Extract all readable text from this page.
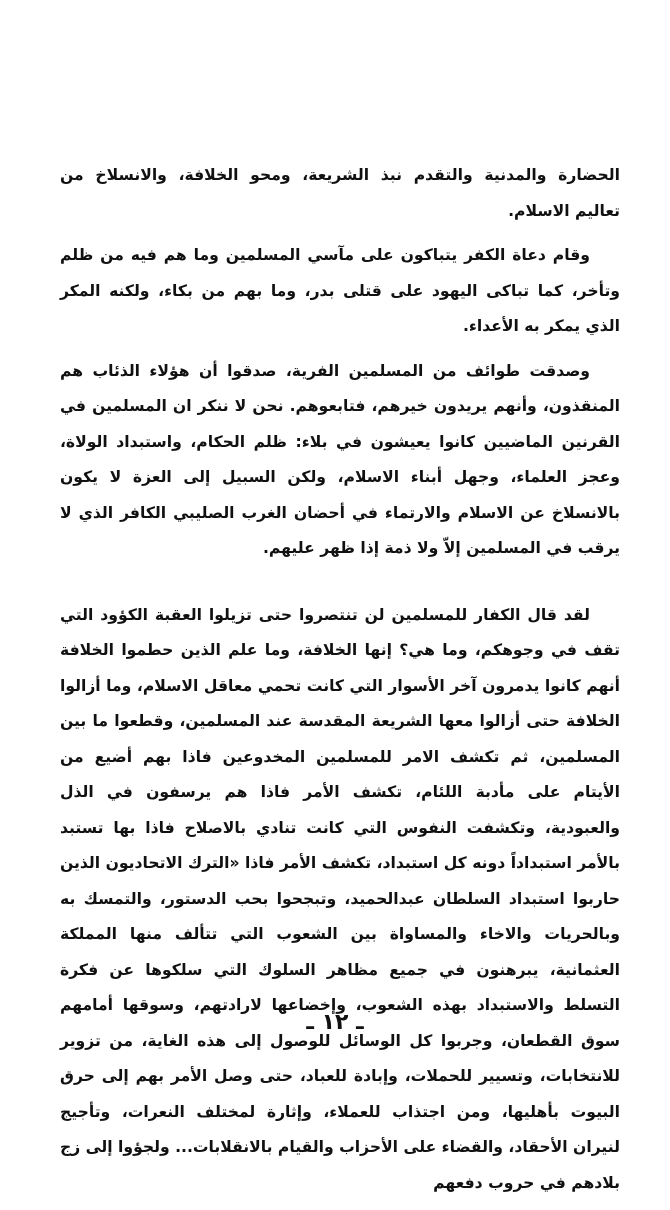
الحضارة والمدنية والتقدم نبذ الشريعة، ومحو الخلافة، والانسلاخ من تعاليم الاسلام.

وقام دعاة الكفر يتباكون على مآسي المسلمين وما هم فيه من ظلم وتأخر، كما تباكى اليهود على قتلى بدر، وما بهم من بكاء، ولكنه المكر الذي يمكر به الأعداء.

وصدقت طوائف من المسلمين الفرية، صدقوا أن هؤلاء الذئاب هم المنقذون، وأنهم يريدون خيرهم، فتابعوهم. نحن لا ننكر ان المسلمين في القرنين الماضيين كانوا يعيشون في بلاء: ظلم الحكام، واستبداد الولاة، وعجز العلماء، وجهل أبناء الاسلام، ولكن السبيل إلى العزة لا يكون بالانسلاخ عن الاسلام والارتماء في أحضان الغرب الصليبي الكافر الذي لا يرقب في المسلمين إلاّ ولا ذمة إذا ظهر عليهم.

لقد قال الكفار للمسلمين لن تنتصروا حتى تزيلوا العقبة الكؤود التي تقف في وجوهكم، وما هي؟ إنها الخلافة، وما علم الذين حطموا الخلافة أنهم كانوا يدمرون آخر الأسوار التي كانت تحمي معاقل الاسلام، وما أزالوا الخلافة حتى أزالوا معها الشريعة المقدسة عند المسلمين، وقطعوا ما بين المسلمين، ثم تكشف الامر للمسلمين المخدوعين فاذا بهم أضيع من الأيتام على مأدبة اللئام، تكشف الأمر فاذا هم يرسفون في الذل والعبودية، وتكشفت النفوس التي كانت تنادي بالاصلاح فاذا بها تستبد بالأمر استبداداً دونه كل استبداد، تكشف الأمر فاذا «الترك الاتحاديون الذين حاربوا استبداد السلطان عبدالحميد، وتبجحوا بحب الدستور، والتمسك به وبالحريات والاخاء والمساواة بين الشعوب التي تتألف منها المملكة العثمانية، يبرهنون في جميع مظاهر السلوك التي سلكوها عن فكرة التسلط والاستبداد بهذه الشعوب، وإخضاعها لارادتهم، وسوقها أمامهم سوق القطعان، وجربوا كل الوسائل للوصول إلى هذه الغاية، من تزوير للانتخابات، وتسيير للحملات، وإبادة للعباد، حتى وصل الأمر بهم إلى حرق البيوت بأهليها، ومن اجتذاب للعملاء، وإثارة لمختلف النعرات، وتأجيج لنيران الأحقاد، والقضاء على الأحزاب والقيام بالانقلابات... ولجؤوا إلى زج بلادهم في حروب دفعهم

ـ ١٢ ـ
